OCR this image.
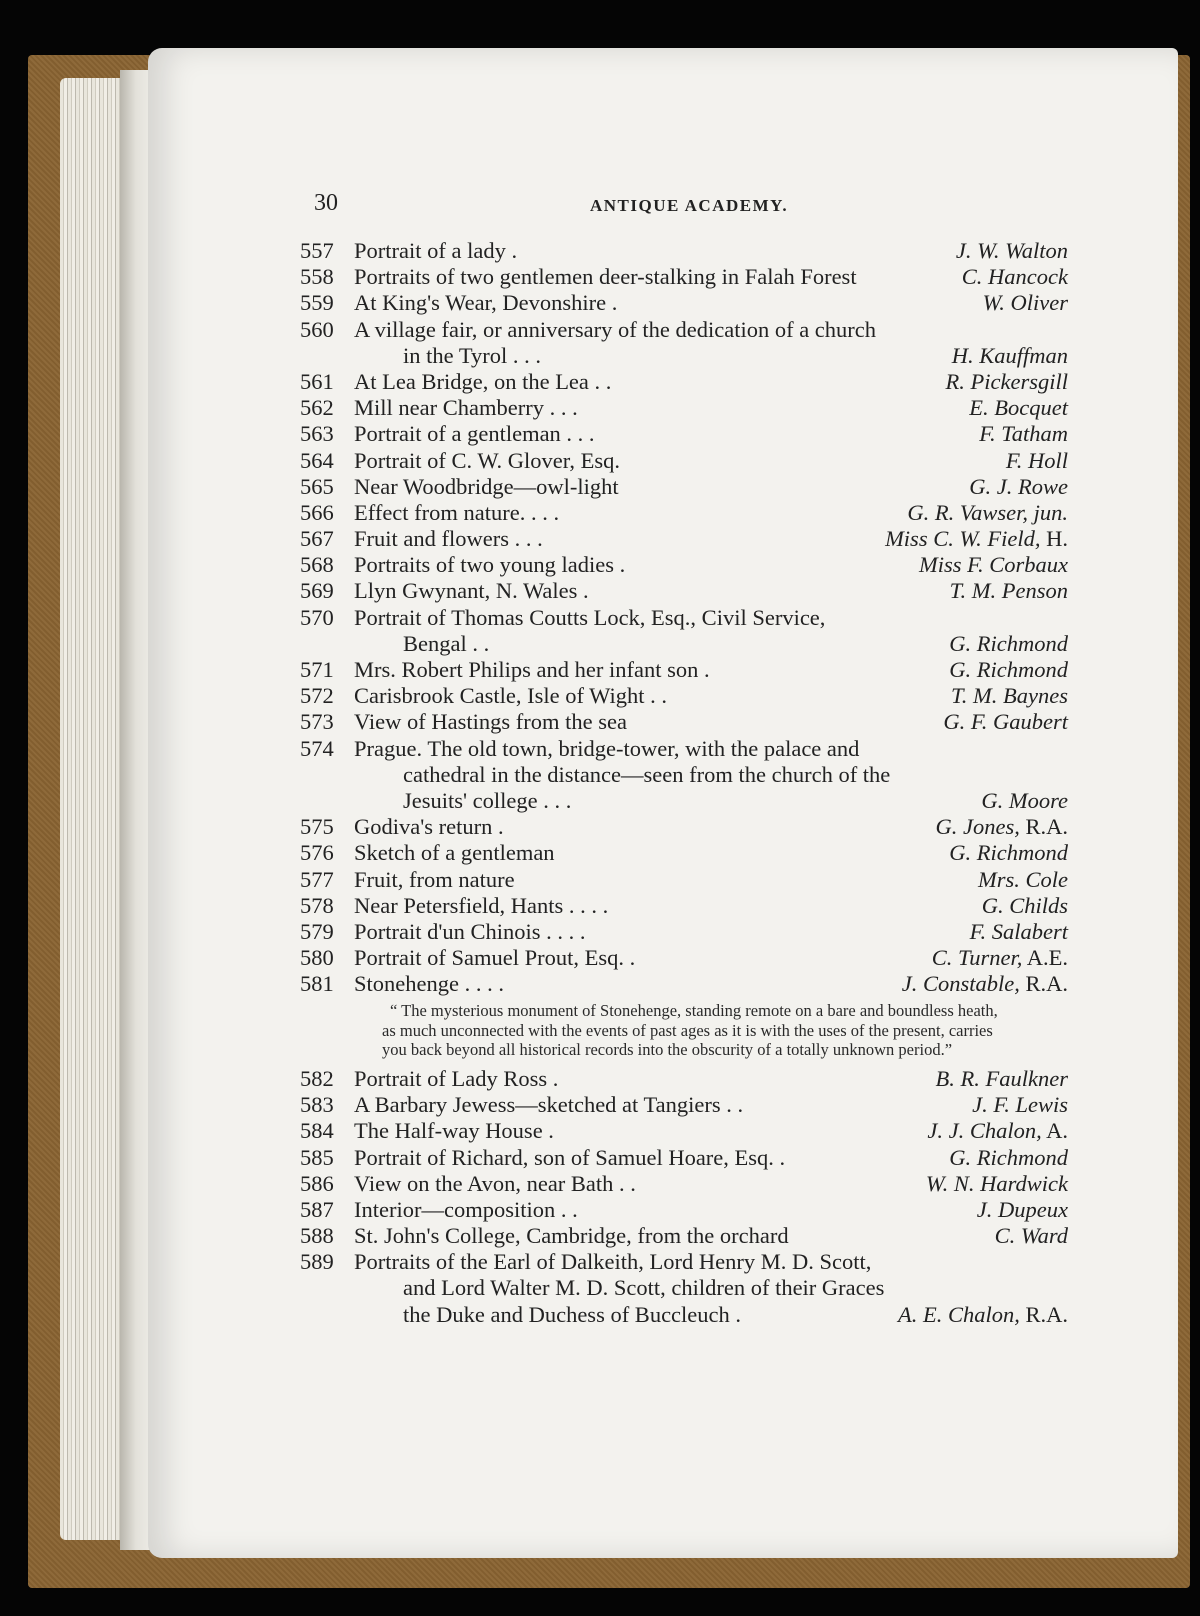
30	ANTIQUE ACADEMY.

557 Portrait of a lady .	J. W. Walton
558 Portraits of two gentlemen deer-stalking in Falah Forest	C. Hancock
559 At King's Wear, Devonshire .	W. Oliver
560 A village fair, or anniversary of the dedication of a church
in the Tyrol . . .	H. Kauffman
561 At Lea Bridge, on the Lea . .	R. Pickersgill
562 Mill near Chamberry . . .	E. Bocquet
563 Portrait of a gentleman . . .	F. Tatham
564 Portrait of C. W. Glover, Esq.	F. Holl
565 Near Woodbridge—owl-light	G. J. Rowe
566 Effect from nature. . . .	G. R. Vawser, jun.
567 Fruit and flowers . . .	Miss C. W. Field, H.
568 Portraits of two young ladies .	Miss F. Corbaux
569 Llyn Gwynant, N. Wales .	T. M. Penson
570 Portrait of Thomas Coutts Lock, Esq., Civil Service,
Bengal . .	G. Richmond
571 Mrs. Robert Philips and her infant son .	G. Richmond
572 Carisbrook Castle, Isle of Wight . .	T. M. Baynes
573 View of Hastings from the sea	G. F. Gaubert
574 Prague. The old town, bridge-tower, with the palace and
cathedral in the distance—seen from the church of the
Jesuits' college . . .	G. Moore
575 Godiva's return .	G. Jones, R.A.
576 Sketch of a gentleman	G. Richmond
577 Fruit, from nature	Mrs. Cole
578 Near Petersfield, Hants . . . .	G. Childs
579 Portrait d'un Chinois . . . .	F. Salabert
580 Portrait of Samuel Prout, Esq. .	C. Turner, A.E.
581 Stonehenge . . . .	J. Constable, R.A.

“ The mysterious monument of Stonehenge, standing remote on a bare and boundless heath, as much unconnected with the events of past ages as it is with the uses of the present, carries you back beyond all historical records into the obscurity of a totally unknown period.”

582 Portrait of Lady Ross .	B. R. Faulkner
583 A Barbary Jewess—sketched at Tangiers . .	J. F. Lewis
584 The Half-way House .	J. J. Chalon, A.
585 Portrait of Richard, son of Samuel Hoare, Esq. .	G. Richmond
586 View on the Avon, near Bath . .	W. N. Hardwick
587 Interior—composition . .	J. Dupeux
588 St. John's College, Cambridge, from the orchard	C. Ward
589 Portraits of the Earl of Dalkeith, Lord Henry M. D. Scott,
and Lord Walter M. D. Scott, children of their Graces
the Duke and Duchess of Buccleuch .	A. E. Chalon, R.A.
